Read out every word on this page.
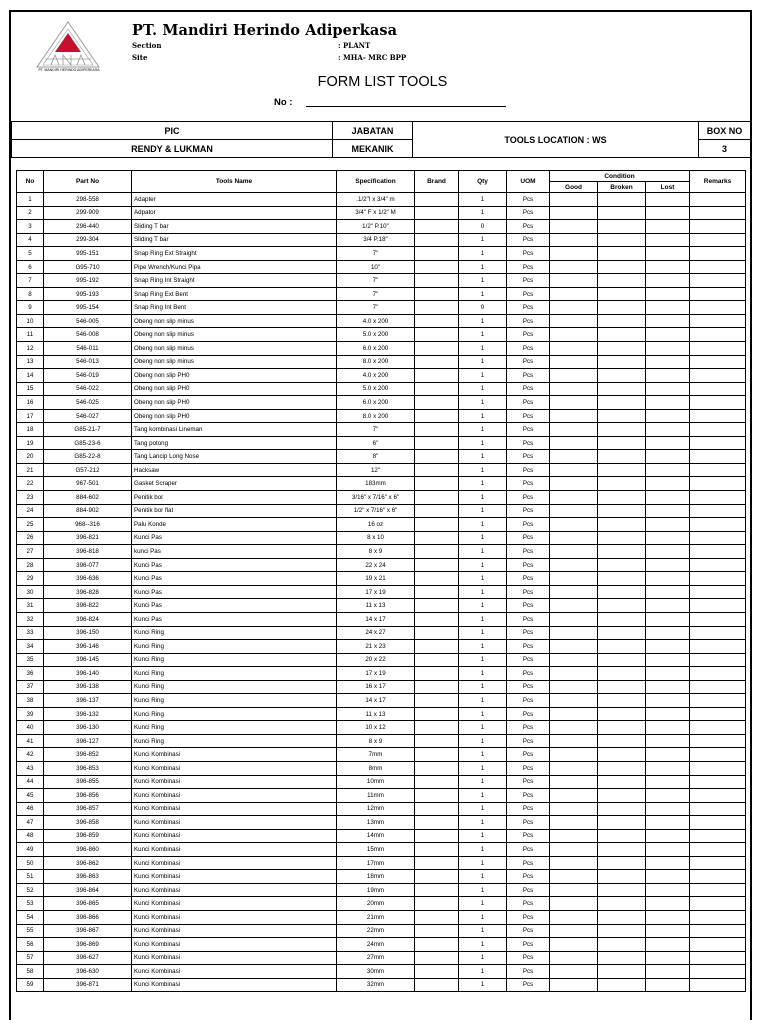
PT. MANDIRI HERINDO ADIPERKASA
PT. Mandiri Herindo Adiperkasa
Section	: PLANT
Site	: MHA- MRC BPP
FORM LIST TOOLS
No :
PIC	JABATAN	TOOLS LOCATION : WS	BOX NO
RENDY & LUKMAN	MEKANIK		3
No	Part No	Tools Name	Specification	Brand	Qty	UOM	Condition			Remarks
							Good	Broken	Lost	
1	298-558	Adapter	.1/2"I x 3/4" m		1	Pcs				
2	299-909	Adpator	3/4" F x 1/2" M		1	Pcs				
3	296-440	Sliding T bar	1/2" P.10"		0	Pcs				
4	299-304	Sliding T bar	3/4 P.18"		1	Pcs				
5	995-151	Snap Ring Ext Straight	7"		1	Pcs				
6	G95-710	Pipe Wrench/Kunci Pipa	10"		1	Pcs				
7	995-192	Snap Ring Int Straight	7"		1	Pcs				
8	995-193	Snap Ring Ext Bent	7"		1	Pcs				
9	995-154	Snap Ring Int Bent	7"		0	Pcs				
10	546-005	Obeng non slip minus	4.0 x 200		1	Pcs				
11	546-008	Obeng non slip minus	5.0 x 200		1	Pcs				
12	546-011	Obeng non slip minus	6.0 x 200		1	Pcs				
13	546-013	Obeng non slip minus	8.0 x 200		1	Pcs				
14	546-019	Obeng non slip PH0	4.0 x 200		1	Pcs				
15	546-022	Obeng non slip PH0	5.0 x 200		1	Pcs				
16	546-025	Obeng non slip PH0	6.0 x 200		1	Pcs				
17	546-027	Obeng non slip PH0	8.0 x 200		1	Pcs				
18	G85-21-7	Tang kombinasi Lineman	7"		1	Pcs				
19	G85-23-6	Tang potong	6"		1	Pcs				
20	G85-22-8	Tang Lancip Long Nose	8"		1	Pcs				
21	G57-212	Hacksaw	12"		1	Pcs				
22	967-501	Gasket Scraper	183mm		1	Pcs				
23	884-602	Penitik bor	3/16" x 7/16" x 6"		1	Pcs				
24	884-902	Penitik bor flat	1/2" x 7/16" x 6"		1	Pcs				
25	968--316	Palu Konde	16 oz		1	Pcs				
26	396-821	Kunci Pas	8 x 10		1	Pcs				
27	396-818	kunci Pas	8 x 9		1	Pcs				
28	396-077	Kunci Pas	22 x 24		1	Pcs				
29	396-636	Kunci Pas	19 x 21		1	Pcs				
30	396-828	Kunci Pas	17 x 19		1	Pcs				
31	396-822	Kunci Pas	11 x 13		1	Pcs				
32	396-824	Kunci Pas	14 x 17		1	Pcs				
33	396-150	Kunci Ring	24 x 27		1	Pcs				
34	396-146	Kunci Ring	21 x 23		1	Pcs				
35	396-145	Kunci Ring	20 x 22		1	Pcs				
36	396-140	Kunci Ring	17 x 19		1	Pcs				
37	396-138	Kunci Ring	16 x 17		1	Pcs				
38	396-137	Kunci Ring	14 x 17		1	Pcs				
39	396-132	Kunci Ring	11 x 13		1	Pcs				
40	396-130	Kunci Ring	10 x 12		1	Pcs				
41	396-127	Kunci Ring	8 x 9		1	Pcs				
42	396-852	Kunci Kombinasi	7mm		1	Pcs				
43	396-853	Kunci Kombinasi	8mm		1	Pcs				
44	396-855	Kunci Kombinasi	10mm		1	Pcs				
45	396-856	Kunci Kombinasi	11mm		1	Pcs				
46	396-857	Kunci Kombinasi	12mm		1	Pcs				
47	396-858	Kunci Kombinasi	13mm		1	Pcs				
48	396-859	Kunci Kombinasi	14mm		1	Pcs				
49	396-860	Kunci Kombinasi	15mm		1	Pcs				
50	396-862	Kunci Kombinasi	17mm		1	Pcs				
51	396-863	Kunci Kombinasi	18mm		1	Pcs				
52	396-864	Kunci Kombinasi	19mm		1	Pcs				
53	396-865	Kunci Kombinasi	20mm		1	Pcs				
54	396-866	Kunci Kombinasi	21mm		1	Pcs				
55	396-867	Kunci Kombinasi	22mm		1	Pcs				
56	396-869	Kunci Kombinasi	24mm		1	Pcs				
57	396-627	Kunci Kombinasi	27mm		1	Pcs				
58	396-630	Kunci Kombinasi	30mm		1	Pcs				
59	396-871	Kunci Kombinasi	32mm		1	Pcs				
